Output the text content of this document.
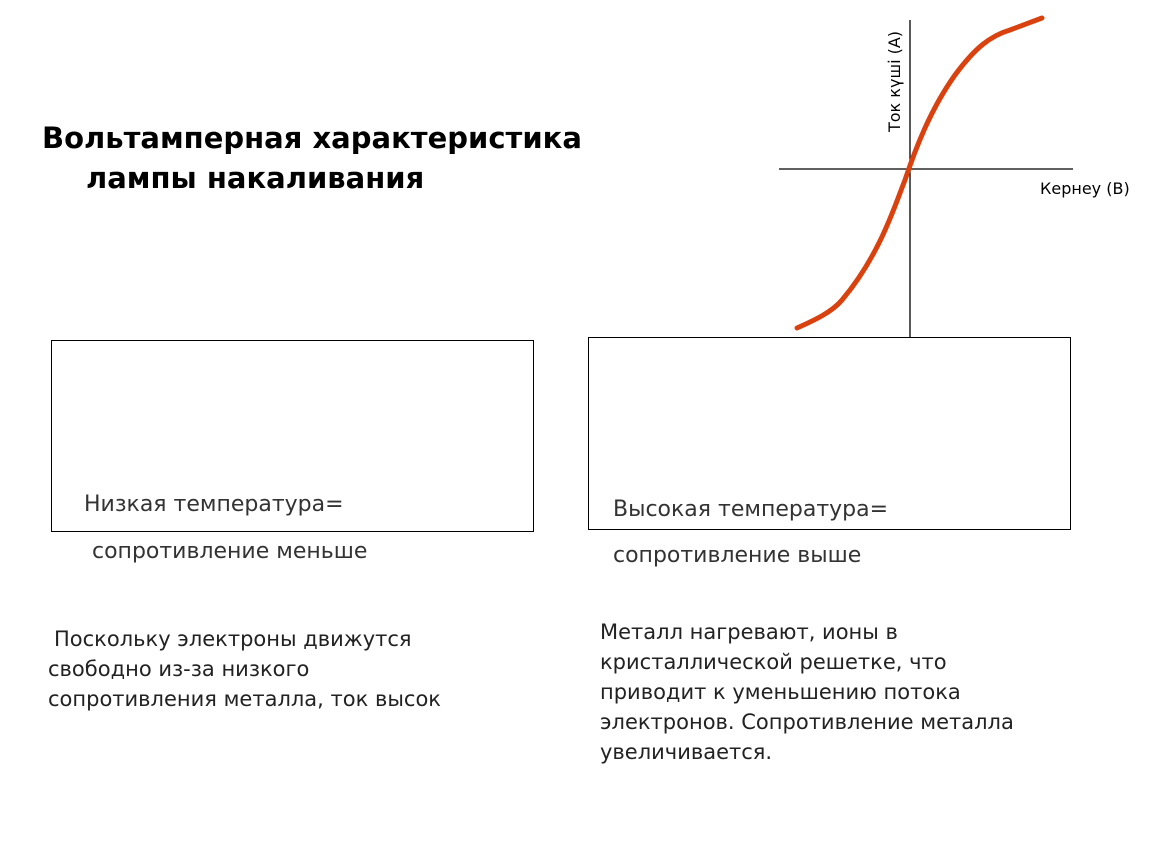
Вольтамперная характеристика
лампы накаливания
Ток күші (А)
Кернеу (В)
Низкая температура=
сопротивление меньше
Высокая температура=
сопротивление выше

Поскольку электроны движутся
свободно из-за низкого
сопротивления металла, ток высок

Металл нагревают, ионы в
кристаллической решетке, что
приводит к уменьшению потока
электронов. Сопротивление металла
увеличивается.
